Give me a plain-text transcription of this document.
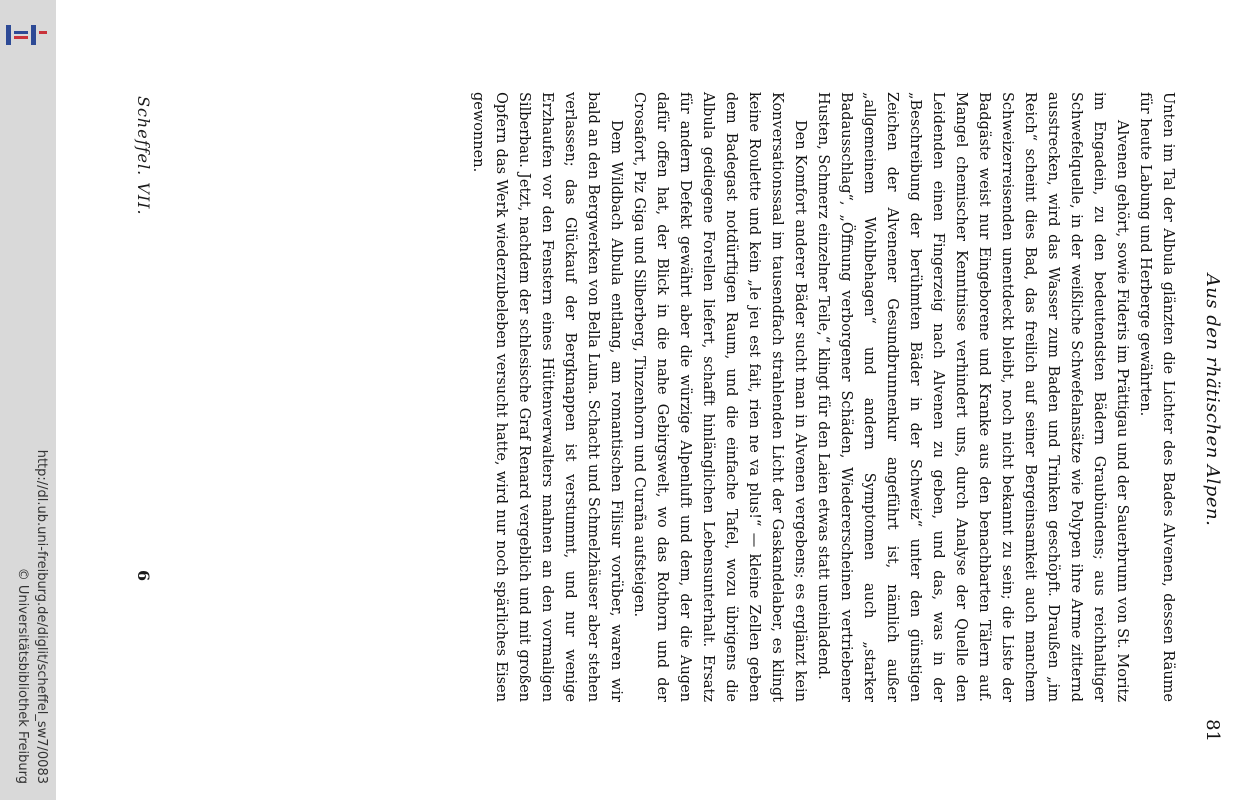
http://dl.ub.uni-freiburg.de/diglit/scheffel_sw7/0083
© Universitätsbibliothek Freiburg
Aus den rhätischen Alpen.
81

Unten im Tal der Albula glänzten die Lichter des Bades Alvenen, dessen Räume für heute Labung und Herberge gewährten.

Alvenen gehört, sowie Fideris im Prättigau und der Sauerbrunn von St. Moritz im Engadein, zu den bedeutendsten Bädern Graubündens; aus reichhaltiger Schwefelquelle, in der weißliche Schwefelansätze wie Polypen ihre Arme zitternd ausstrecken, wird das Wasser zum Baden und Trinken geschöpft. Draußen „im Reich“ scheint dies Bad, das freilich auf seiner Bergeinsamkeit auch manchem Schweizerreisenden unentdeckt bleibt, noch nicht bekannt zu sein; die Liste der Badgäste weist nur Eingeborene und Kranke aus den benachbarten Tälern auf. Mangel chemischer Kenntnisse verhindert uns, durch Analyse der Quelle den Leidenden einen Fingerzeig nach Alvenen zu geben, und das, was in der „Beschreibung der berühmten Bäder in der Schweiz“ unter den günstigen Zeichen der Alvenener Gesundbrunnenkur angeführt ist, nämlich außer „allgemeinem Wohlbehagen“ und andern Symptomen auch „starker Badausschlag“, „Öffnung verborgener Schäden, Wiedererscheinen vertriebener Husten, Schmerz einzelner Teile,“ klingt für den Laien etwas statt uneinladend.

Den Komfort anderer Bäder sucht man in Alvenen vergebens; es erglänzt kein Konversationssaal im tausendfach strahlenden Licht der Gaskandelaber, es klingt keine Roulette und kein „le jeu est fait, rien ne va plus!“ — kleine Zellen geben dem Badegast notdürftigen Raum, und die einfache Tafel, wozu übrigens die Albula gediegene Forellen liefert, schafft hinlänglichen Lebensunterhalt. Ersatz für andern Defekt gewährt aber die würzige Alpenluft und dem, der die Augen dafür offen hat, der Blick in die nahe Gebirgswelt, wo das Rothorn und der Crosafort, Piz Giga und Silberberg, Tinzenhorn und Curaña aufsteigen.

Dem Wildbach Albula entlang, am romantischen Filisur vorüber, waren wir bald an den Bergwerken von Bella Luna. Schacht und Schmelzhäuser aber stehen verlassen; das Glückauf der Bergknappen ist verstummt, und nur wenige Erzhaufen vor den Fenstern eines Hüttenverwalters mahnen an den vormaligen Silberbau. Jetzt, nachdem der schlesische Graf Renard vergeblich und mit großen Opfern das Werk wiederzubeleben versucht hatte, wird nur noch spärliches Eisen gewonnen.

Scheffel. VII.
6
